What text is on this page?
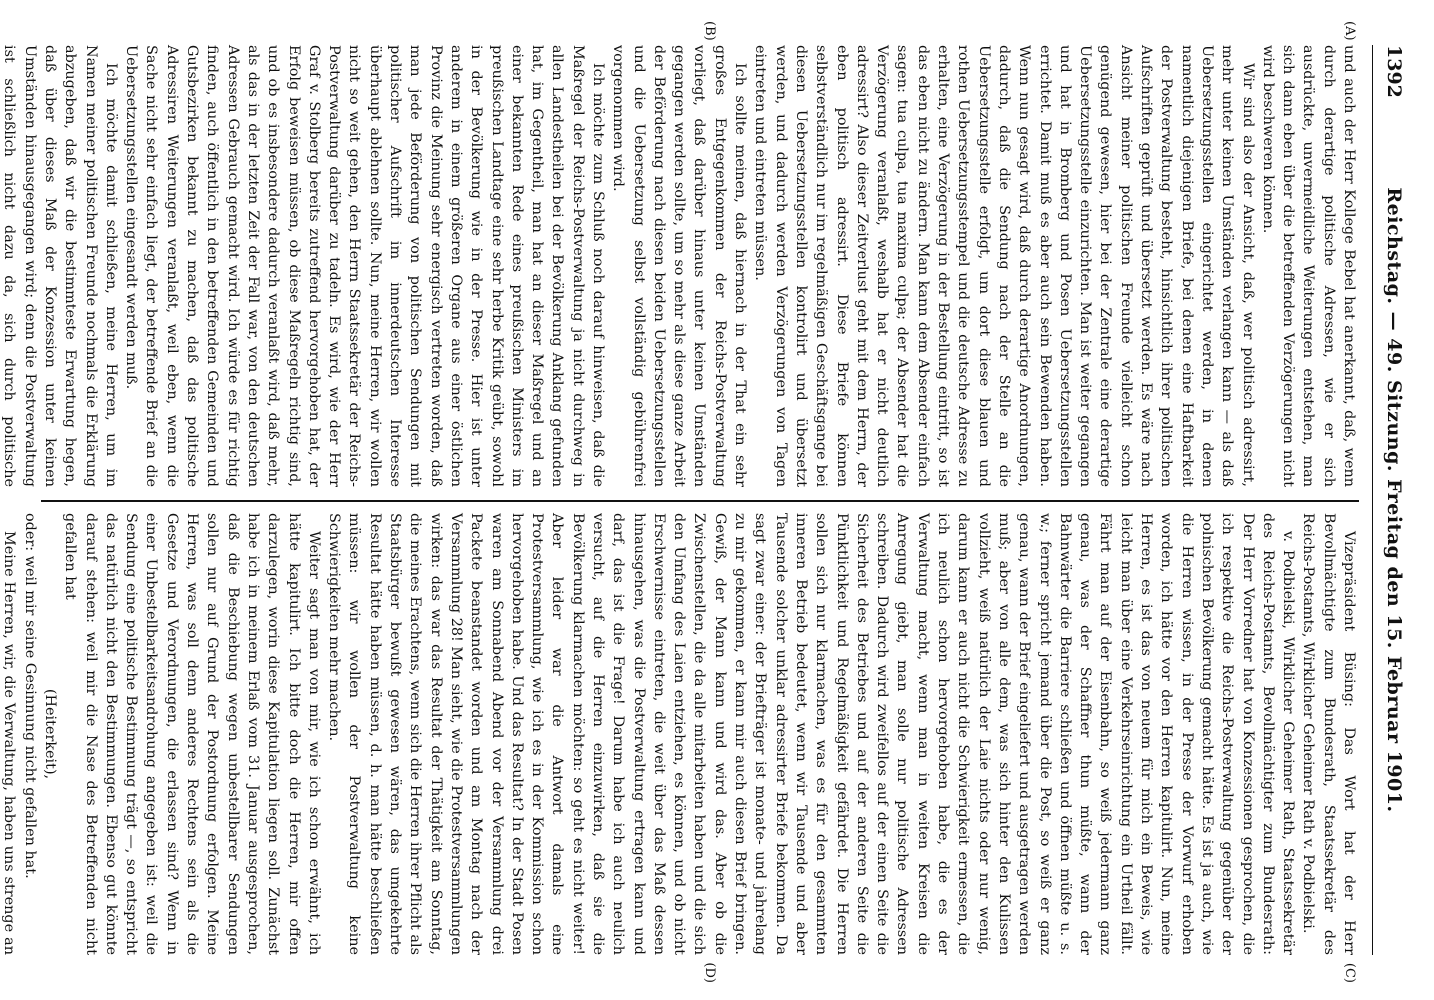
1392
Reichstag. — 49. Sitzung. Freitag den 15. Februar 1901.
(A)
(B)
(C)
(D)

und auch der Herr Kollege Bebel hat anerkannt, daß, wenn durch derartige politische Adressen, wie er sich ausdrückte, unvermeidliche Weiterungen entstehen, man sich dann eben über die betreffenden Verzögerungen nicht wird beschweren können.

Wir sind also der Ansicht, daß, wer politisch adressirt, mehr unter keinen Umständen verlangen kann — als daß Uebersetzungsstellen eingerichtet werden, in denen namentlich diejenigen Briefe, bei denen eine Haftbarkeit der Postverwaltung besteht, hinsichtlich ihrer politischen Aufschriften geprüft und übersetzt werden. Es wäre nach Ansicht meiner politischen Freunde vielleicht schon genügend gewesen, hier bei der Zentrale eine derartige Uebersetzungsstelle einzurichten. Man ist weiter gegangen und hat in Bromberg und Posen Uebersetzungsstellen errichtet. Damit muß es aber auch sein Bewenden haben. Wenn nun gesagt wird, daß durch derartige Anordnungen, dadurch, daß die Sendung nach der Stelle an die Uebersetzungsstelle erfolgt, um dort diese blauen und rothen Uebersetzungsstempel und die deutsche Adresse zu erhalten, eine Verzögerung in der Bestellung eintritt, so ist das eben nicht zu ändern. Man kann dem Absender einfach sagen: tua culpa, tua maxima culpa; der Absender hat die Verzögerung veranlaßt, weshalb hat er nicht deutlich adressirt? Also dieser Zeitverlust geht mit dem Herrn, der eben politisch adressirt. Diese Briefe können selbstverständlich nur im regelmäßigen Geschäftsgange bei diesen Uebersetzungsstellen kontrolirt und übersetzt werden, und dadurch werden Verzögerungen von Tagen eintreten und eintreten müssen.

Ich sollte meinen, daß hiernach in der That ein sehr großes Entgegenkommen der Reichs-Postverwaltung vorliegt, daß darüber hinaus unter keinen Umständen gegangen werden sollte, um so mehr als diese ganze Arbeit der Beförderung nach diesen beiden Uebersetzungsstellen und die Uebersetzung selbst vollständig gebührenfrei vorgenommen wird.

Ich möchte zum Schluß noch darauf hinweisen, daß die Maßregel der Reichs-Postverwaltung ja nicht durchweg in allen Landestheilen bei der Bevölkerung Anklang gefunden hat, im Gegentheil, man hat an dieser Maßregel und an einer bekannten Rede eines preußischen Ministers im preußischen Landtage eine sehr herbe Kritik geübt, sowohl in der Bevölkerung wie in der Presse. Hier ist unter anderem in einem größeren Organe aus einer östlichen Provinz die Meinung sehr energisch vertreten worden, daß man jede Beförderung von politischen Sendungen mit politischer Aufschrift im innerdeutschen Interesse überhaupt ablehnen sollte. Nun, meine Herren, wir wollen nicht so weit gehen, den Herrn Staatssekretär der Reichs-Postverwaltung darüber zu tadeln. Es wird, wie der Herr Graf v. Stolberg bereits zutreffend hervorgehoben hat, der Erfolg beweisen müssen, ob diese Maßregeln richtig sind, und ob es insbesondere dadurch veranlaßt wird, daß mehr, als das in der letzten Zeit der Fall war, von den deutschen Adressen Gebrauch gemacht wird. Ich würde es für richtig finden, auch öffentlich in den betreffenden Gemeinden und Gutsbezirken bekannt zu machen, daß das politische Adressiren Weiterungen veranlaßt, weil eben, wenn die Sache nicht sehr einfach liegt, der betreffende Brief an die Uebersetzungsstellen eingesandt werden muß.

Ich möchte damit schließen, meine Herren, um im Namen meiner politischen Freunde nochmals die Erklärung abzugeben, daß wir die bestimmteste Erwartung hegen, daß über dieses Maß der Konzession unter keinen Umständen hinausgegangen wird; denn die Postverwaltung ist schließlich nicht dazu da, sich durch politische

Vizepräsident Büsing: Das Wort hat der Herr Bevollmächtigte zum Bundesrath, Staatssekretär des Reichs-Postamts, Wirklicher Geheimer Rath v. Podbielski.

v. Podbielski, Wirklicher Geheimer Rath, Staatssekretär des Reichs-Postamts, Bevollmächtigter zum Bundesrath: Der Herr Vorredner hat von Konzessionen gesprochen, die ich respektive die Reichs-Postverwaltung gegenüber der polnischen Bevölkerung gemacht hätte. Es ist ja auch, wie die Herren wissen, in der Presse der Vorwurf erhoben worden, ich hätte vor den Herren kapitulirt. Nun, meine Herren, es ist das von neuem für mich ein Beweis, wie leicht man über eine Verkehrseinrichtung ein Urtheil fällt. Fährt man auf der Eisenbahn, so weiß jedermann ganz genau, was der Schaffner thun müßte, wann der Bahnwärter die Barriere schließen und öffnen müßte u. s. w.; ferner spricht jemand über die Post, so weiß er ganz genau, wann der Brief eingeliefert und ausgetragen werden muß; aber von alle dem, was sich hinter den Kulissen vollzieht, weiß natürlich der Laie nichts oder nur wenig, darum kann er auch nicht die Schwierigkeit ermessen, die ich neulich schon hervorgehoben habe, die es der Verwaltung macht, wenn man in weiten Kreisen die Anregung giebt, man solle nur politische Adressen schreiben. Dadurch wird zweifellos auf der einen Seite die Sicherheit des Betriebes und auf der anderen Seite die Pünktlichkeit und Regelmäßigkeit gefährdet. Die Herren sollen sich nur klarmachen, was es für den gesammten inneren Betrieb bedeutet, wenn wir Tausende und aber Tausende solcher unklar adressirter Briefe bekommen. Da sagt zwar einer: der Briefträger ist monate- und jahrelang zu mir gekommen, er kann mir auch diesen Brief bringen. Gewiß, der Mann kann und wird das. Aber ob die Zwischenstellen, die da alle mitarbeiten haben und die sich den Umfang des Laien entziehen, es können, und ob nicht Erschwernisse eintreten, die weit über das Maß dessen hinausgehen, was die Postverwaltung ertragen kann und darf, das ist die Frage! Darum habe ich auch neulich versucht, auf die Herren einzuwirken, daß sie die Bevölkerung klarmachen möchten: so geht es nicht weiter! Aber leider war die Antwort damals eine Protestversammlung, wie ich es in der Kommission schon hervorgehoben habe. Und das Resultat? In der Stadt Posen waren am Sonnabend Abend vor der Versammlung drei Packete beanstandet worden und am Montag nach der Versammlung 28! Man sieht, wie die Protestversammlungen wirken: das war das Resultat der Thätigkeit am Sonntag, die meines Erachtens, wenn sich die Herren ihrer Pflicht als Staatsbürger bewußt gewesen wären, das umgekehrte Resultat hätte haben müssen, d. h. man hätte beschließen müssen: wir wollen der Postverwaltung keine Schwierigkeiten mehr machen.

Weiter sagt man von mir, wie ich schon erwähnt, ich hätte kapitulirt. Ich bitte doch die Herren, mir offen darzulegen, worin diese Kapitulation liegen soll. Zunächst habe ich in meinem Erlaß vom 31. Januar ausgesprochen, daß die Beschiebung wegen unbestellbarer Sendungen sollen nur auf Grund der Postordnung erfolgen. Meine Herren, was soll denn anderes Rechtens sein als die Gesetze und Verordnungen, die erlassen sind? Wenn in einer Unbestellbarkeitsandrohung angegeben ist: weil die Sendung eine politische Bestimmung trägt —, so entspricht das natürlich nicht den Bestimmungen. Ebenso gut könnte darauf stehen: weil mir die Nase des Betreffenden nicht gefallen hat

(Heiterkeit),

oder: weil mir seine Gesinnung nicht gefallen hat.

Meine Herren, wir, die Verwaltung, haben uns strenge an
